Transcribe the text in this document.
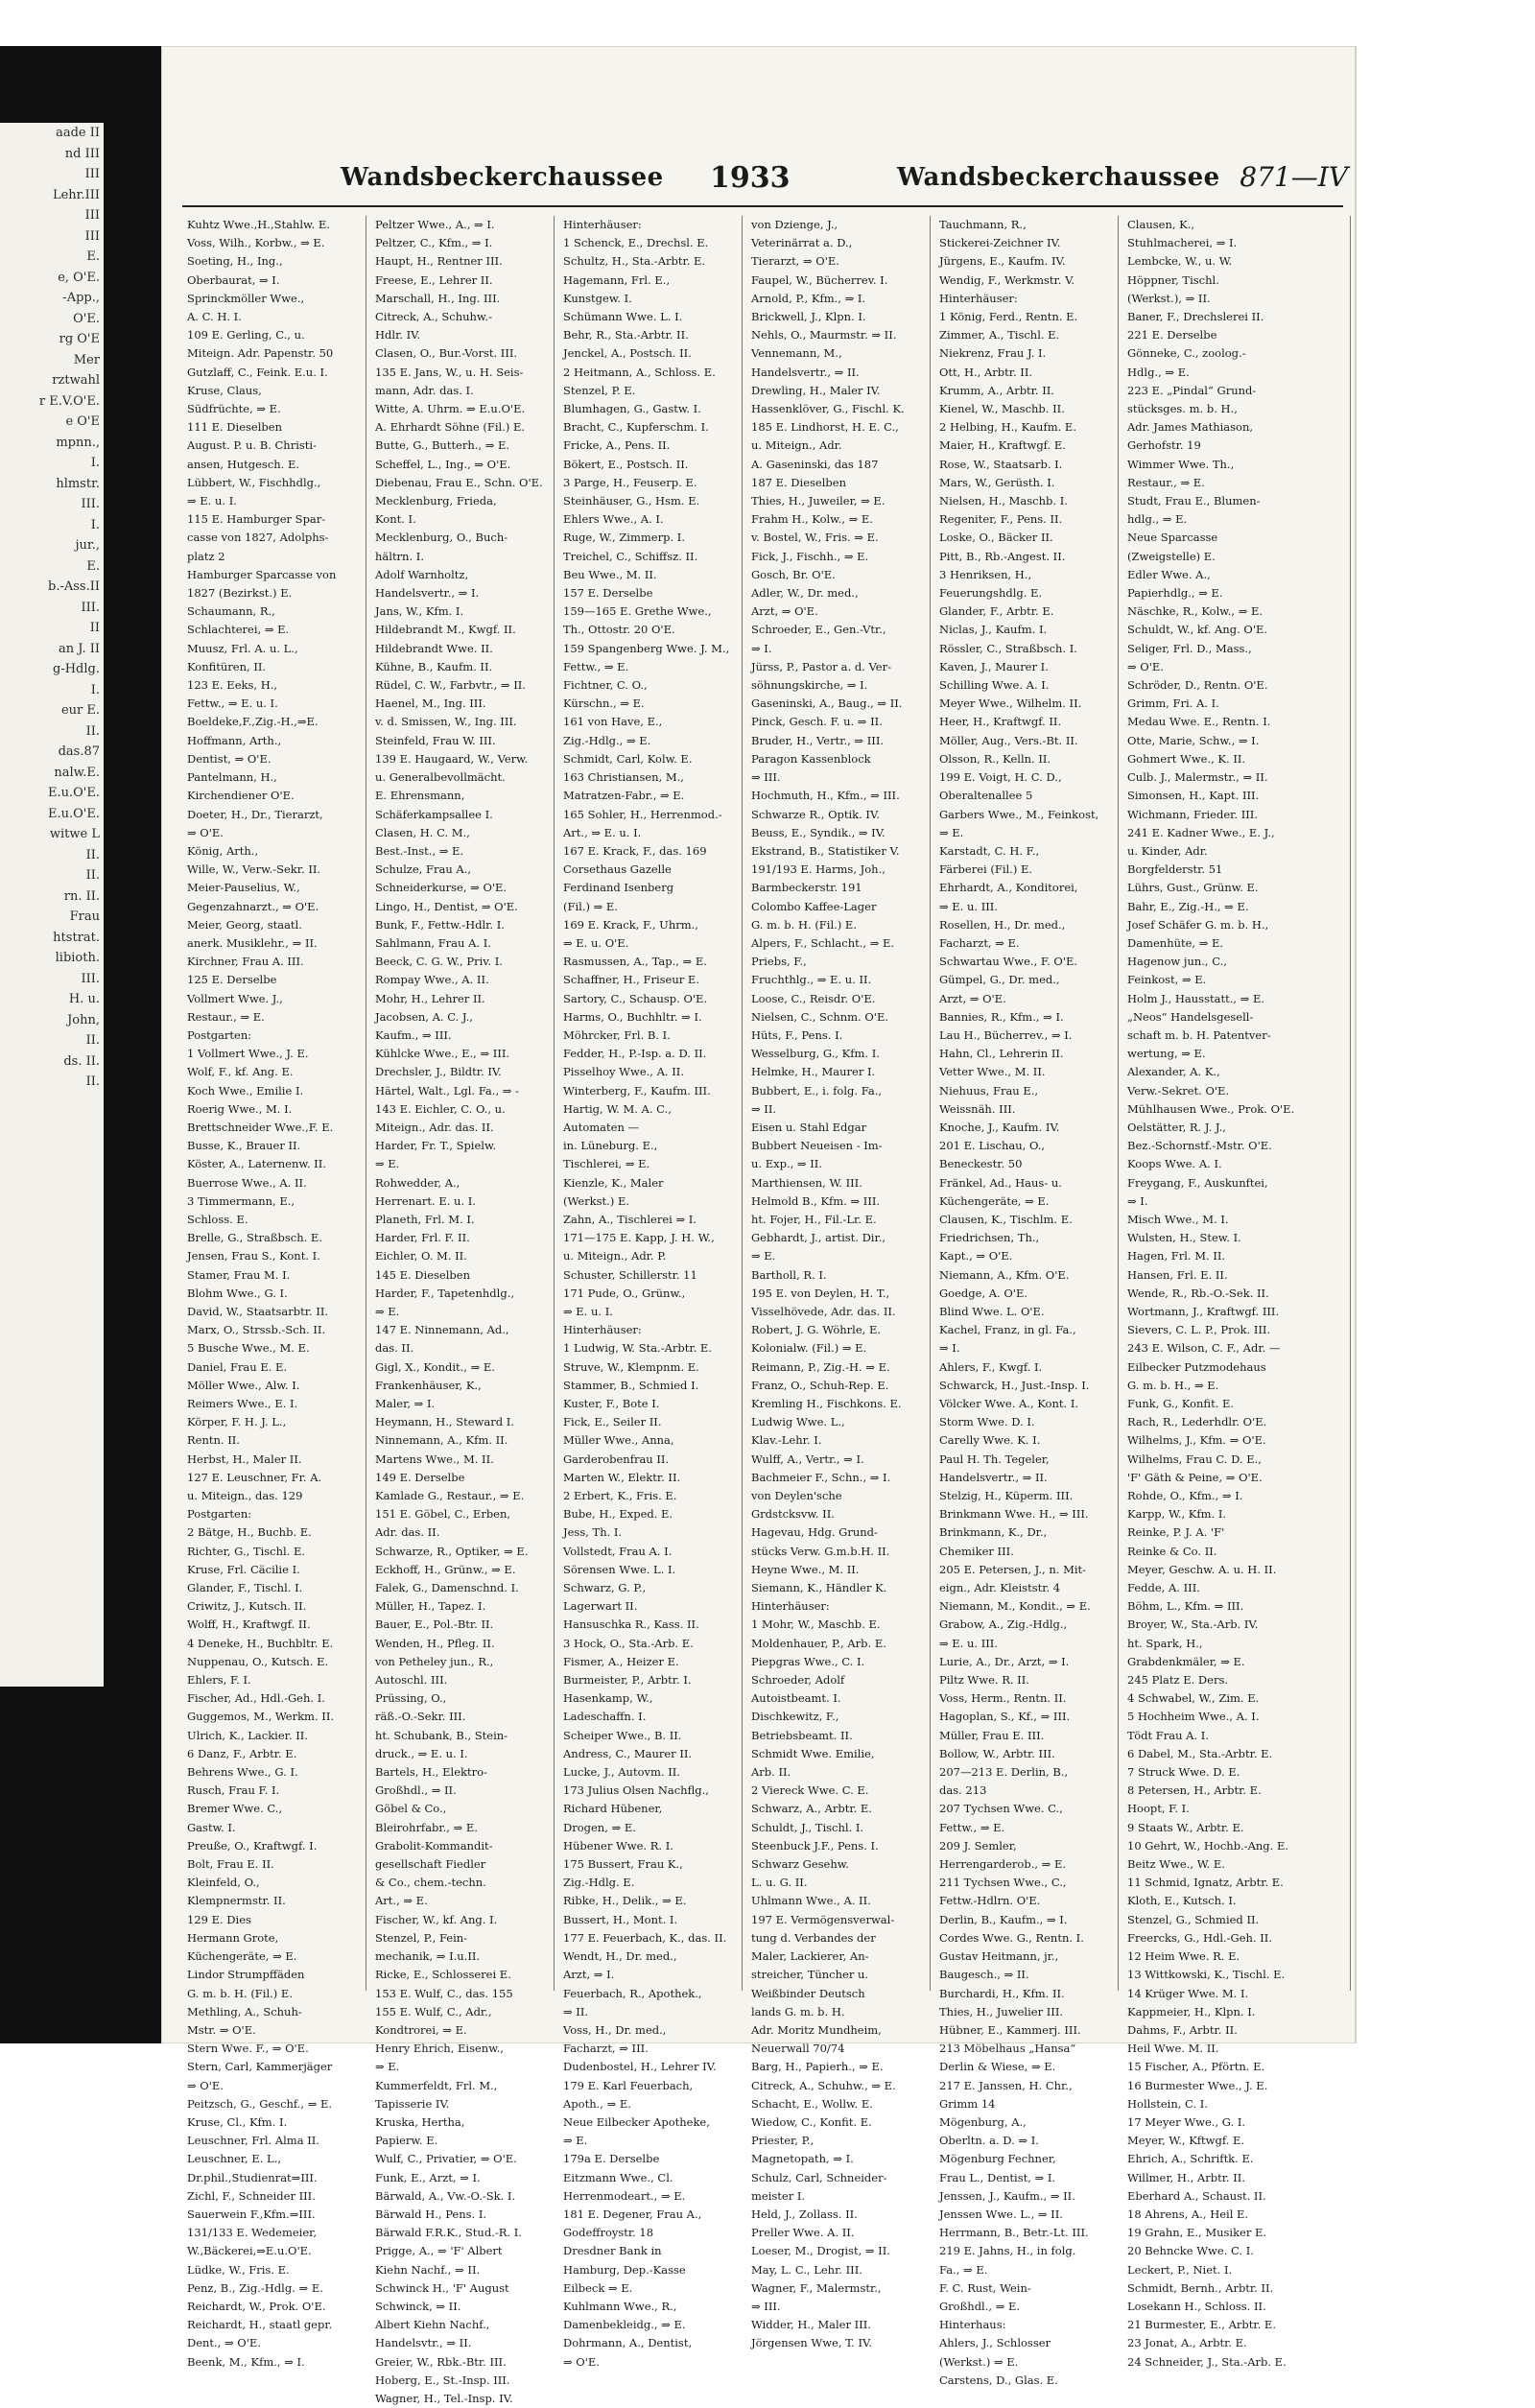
aade II
nd III
III
Lehr.III
III
III
E.
e, O'E.
-App.,
O'E.
rg O'E
Mer
rztwahl
r E.V.O'E.
e O'E
mpnn.,
I.
hlmstr.
III.
I.
jur.,
E.
b.-Ass.II
III.
II
an J. II
g-Hdlg.
I.
eur E.
II.
das.87
nalw.E.
E.u.O'E.
E.u.O'E.
witwe L
II.
II.
rn. II.
Frau
htstrat.
libioth.
III.
H. u.
John,
II.
ds. II.
II.
Wandsbeckerchaussee 1933	Wandsbeckerchaussee 871—IV
Kuhtz Wwe.,H.,Stahlw. E.
Voss, Wilh., Korbw., ⇒ E.
Soeting, H., Ing.,
Oberbaurat, ⇒ I.
Sprinckmöller Wwe.,
A. C. H. I.
109 E. Gerling, C., u.
Miteign. Adr. Papenstr. 50
Gutzlaff, C., Feink. E.u. I.
Kruse, Claus,
Südfrüchte, ⇒ E.
111 E. Dieselben
August. P. u. B. Christi-
ansen, Hutgesch. E.
Lübbert, W., Fischhdlg.,
⇒ E. u. I.
115 E. Hamburger Spar-
casse von 1827, Adolphs-
platz 2
Hamburger Sparcasse von
1827 (Bezirkst.) E.
Schaumann, R.,
Schlachterei, ⇒ E.
Muusz, Frl. A. u. L.,
Konfitüren, II.
123 E. Eeks, H.,
Fettw., ⇒ E. u. I.
Boeldeke,F.,Zig.-H.,⇒E.
Hoffmann, Arth.,
Dentist, ⇒ O'E.
Pantelmann, H.,
Kirchendiener O'E.
Doeter, H., Dr., Tierarzt,
⇒ O'E.
König, Arth.,
Wille, W., Verw.-Sekr. II.
Meier-Pauselius, W.,
Gegenzahnarzt., ⇒ O'E.
Meier, Georg, staatl.
anerk. Musiklehr., ⇒ II.
Kirchner, Frau A. III.
125 E. Derselbe
Vollmert Wwe. J.,
Restaur., ⇒ E.
Postgarten:
1 Vollmert Wwe., J. E.
Wolf, F., kf. Ang. E.
Koch Wwe., Emilie I.
Roerig Wwe., M. I.
Brettschneider Wwe.,F. E.
Busse, K., Brauer II.
Köster, A., Laternenw. II.
Buerrose Wwe., A. II.
3 Timmermann, E.,
Schloss. E.
Brelle, G., Straßbsch. E.
Jensen, Frau S., Kont. I.
Stamer, Frau M. I.
Blohm Wwe., G. I.
David, W., Staatsarbtr. II.
Marx, O., Strssb.-Sch. II.
5 Busche Wwe., M. E.
Daniel, Frau E. E.
Möller Wwe., Alw. I.
Reimers Wwe., E. I.
Körper, F. H. J. L.,
Rentn. II.
Herbst, H., Maler II.
127 E. Leuschner, Fr. A.
u. Miteign., das. 129
Postgarten:
2 Bätge, H., Buchb. E.
Richter, G., Tischl. E.
Kruse, Frl. Cäcilie I.
Glander, F., Tischl. I.
Criwitz, J., Kutsch. II.
Wolff, H., Kraftwgf. II.
4 Deneke, H., Buchbltr. E.
Nuppenau, O., Kutsch. E.
Ehlers, F. I.
Fischer, Ad., Hdl.-Geh. I.
Guggemos, M., Werkm. II.
Ulrich, K., Lackier. II.
6 Danz, F., Arbtr. E.
Behrens Wwe., G. I.
Rusch, Frau F. I.
Bremer Wwe. C.,
Gastw. I.
Preuße, O., Kraftwgf. I.
Bolt, Frau E. II.
Kleinfeld, O.,
Klempnermstr. II.
129 E. Dies
Hermann Grote,
Küchengeräte, ⇒ E.
Lindor Strumpffäden
G. m. b. H. (Fil.) E.
Methling, A., Schuh-
Mstr. ⇒ O'E.
Stern Wwe. F., ⇒ O'E.
Stern, Carl, Kammerjäger
⇒ O'E.
Peitzsch, G., Geschf., ⇒ E.
Kruse, Cl., Kfm. I.
Leuschner, Frl. Alma II.
Leuschner, E. L.,
Dr.phil.,Studienrat⇒III.
Zichl, F., Schneider III.
Sauerwein F.,Kfm.⇒III.
131/133 E. Wedemeier,
W.,Bäckerei,⇒E.u.O'E.
Lüdke, W., Fris. E.
Penz, B., Zig.-Hdlg. ⇒ E.
Reichardt, W., Prok. O'E.
Reichardt, H., staatl gepr.
Dent., ⇒ O'E.
Beenk, M., Kfm., ⇒ I.
Peltzer Wwe., A., ⇒ I.
Peltzer, C., Kfm., ⇒ I.
Haupt, H., Rentner III.
Freese, E., Lehrer II.
Marschall, H., Ing. III.
Citreck, A., Schuhw.-
Hdlr. IV.
Clasen, O., Bur.-Vorst. III.
135 E. Jans, W., u. H. Seis-
mann, Adr. das. I.
Witte, A. Uhrm. ⇒ E.u.O'E.
A. Ehrhardt Söhne (Fil.) E.
Butte, G., Butterh., ⇒ E.
Scheffel, L., Ing., ⇒ O'E.
Diebenau, Frau E., Schn. O'E.
Mecklenburg, Frieda,
Kont. I.
Mecklenburg, O., Buch-
hältrn. I.
Adolf Warnholtz,
Handelsvertr., ⇒ I.
Jans, W., Kfm. I.
Hildebrandt M., Kwgf. II.
Hildebrandt Wwe. II.
Kühne, B., Kaufm. II.
Rüdel, C. W., Farbvtr., ⇒ II.
Haenel, M., Ing. III.
v. d. Smissen, W., Ing. III.
Steinfeld, Frau W. III.
139 E. Haugaard, W., Verw.
u. Generalbevollmächt.
E. Ehrensmann,
Schäferkampsallee I.
Clasen, H. C. M.,
Best.-Inst., ⇒ E.
Schulze, Frau A.,
Schneiderkurse, ⇒ O'E.
Lingo, H., Dentist, ⇒ O'E.
Bunk, F., Fettw.-Hdlr. I.
Sahlmann, Frau A. I.
Beeck, C. G. W., Priv. I.
Rompay Wwe., A. II.
Mohr, H., Lehrer II.
Jacobsen, A. C. J.,
Kaufm., ⇒ III.
Kühlcke Wwe., E., ⇒ III.
Drechsler, J., Bildtr. IV.
Härtel, Walt., Lgl. Fa., ⇒ -
143 E. Eichler, C. O., u.
Miteign., Adr. das. II.
Harder, Fr. T., Spielw.
⇒ E.
Rohwedder, A.,
Herrenart. E. u. I.
Planeth, Frl. M. I.
Harder, Frl. F. II.
Eichler, O. M. II.
145 E. Dieselben
Harder, F., Tapetenhdlg.,
⇒ E.
147 E. Ninnemann, Ad.,
das. II.
Gigl, X., Kondit., ⇒ E.
Frankenhäuser, K.,
Maler, ⇒ I.
Heymann, H., Steward I.
Ninnemann, A., Kfm. II.
Martens Wwe., M. II.
149 E. Derselbe
Kamlade G., Restaur., ⇒ E.
151 E. Göbel, C., Erben,
Adr. das. II.
Schwarze, R., Optiker, ⇒ E.
Eckhoff, H., Grünw., ⇒ E.
Falek, G., Damenschnd. I.
Müller, H., Tapez. I.
Bauer, E., Pol.-Btr. II.
Wenden, H., Pfleg. II.
von Petheley jun., R.,
Autoschl. III.
Prüssing, O.,
räß.-O.-Sekr. III.
ht. Schubank, B., Stein-
druck., ⇒ E. u. I.
Bartels, H., Elektro-
Großhdl., ⇒ II.
Göbel & Co.,
Bleirohrfabr., ⇒ E.
Grabolit-Kommandit-
gesellschaft Fiedler
& Co., chem.-techn.
Art., ⇒ E.
Fischer, W., kf. Ang. I.
Stenzel, P., Fein-
mechanik, ⇒ I.u.II.
Ricke, E., Schlosserei E.
153 E. Wulf, C., das. 155
155 E. Wulf, C., Adr.,
Kondtrorei, ⇒ E.
Henry Ehrich, Eisenw.,
⇒ E.
Kummerfeldt, Frl. M.,
Tapisserie IV.
Kruska, Hertha,
Papierw. E.
Wulf, C., Privatier, ⇒ O'E.
Funk, E., Arzt, ⇒ I.
Bärwald, A., Vw.-O.-Sk. I.
Bärwald H., Pens. I.
Bärwald F.R.K., Stud.-R. I.
Prigge, A., ⇒ 'F' Albert
Kiehn Nachf., ⇒ II.
Schwinck H., 'F' August
Schwinck, ⇒ II.
Albert Kiehn Nachf.,
Handelsvtr., ⇒ II.
Greier, W., Rbk.-Btr. III.
Hoberg, E., St.-Insp. III.
Wagner, H., Tel.-Insp. IV.
Hinterhäuser:
1 Schenck, E., Drechsl. E.
Schultz, H., Sta.-Arbtr. E.
Hagemann, Frl. E.,
Kunstgew. I.
Schümann Wwe. L. I.
Behr, R., Sta.-Arbtr. II.
Jenckel, A., Postsch. II.
2 Heitmann, A., Schloss. E.
Stenzel, P. E.
Blumhagen, G., Gastw. I.
Bracht, C., Kupferschm. I.
Fricke, A., Pens. II.
Bökert, E., Postsch. II.
3 Parge, H., Feuserp. E.
Steinhäuser, G., Hsm. E.
Ehlers Wwe., A. I.
Ruge, W., Zimmerp. I.
Treichel, C., Schiffsz. II.
Beu Wwe., M. II.
157 E. Derselbe
159—165 E. Grethe Wwe.,
Th., Ottostr. 20 O'E.
159 Spangenberg Wwe. J. M.,
Fettw., ⇒ E.
Fichtner, C. O.,
Kürschn., ⇒ E.
161 von Have, E.,
Zig.-Hdlg., ⇒ E.
Schmidt, Carl, Kolw. E.
163 Christiansen, M.,
Matratzen-Fabr., ⇒ E.
165 Sohler, H., Herrenmod.-
Art., ⇒ E. u. I.
167 E. Krack, F., das. 169
Corsethaus Gazelle
Ferdinand Isenberg
(Fil.) ⇒ E.
169 E. Krack, F., Uhrm.,
⇒ E. u. O'E.
Rasmussen, A., Tap., ⇒ E.
Schaffner, H., Friseur E.
Sartory, C., Schausp. O'E.
Harms, O., Buchhltr. ⇒ I.
Möhrcker, Frl. B. I.
Fedder, H., P.-Isp. a. D. II.
Pisselhoy Wwe., A. II.
Winterberg, F., Kaufm. III.
Hartig, W. M. A. C.,
Automaten —
in. Lüneburg. E.,
Tischlerei, ⇒ E.
Kienzle, K., Maler
(Werkst.) E.
Zahn, A., Tischlerei ⇒ I.
171—175 E. Kapp, J. H. W.,
u. Miteign., Adr. P.
Schuster, Schillerstr. 11
171 Pude, O., Grünw.,
⇒ E. u. I.
Hinterhäuser:
1 Ludwig, W. Sta.-Arbtr. E.
Struve, W., Klempnm. E.
Stammer, B., Schmied I.
Kuster, F., Bote I.
Fick, E., Seiler II.
Müller Wwe., Anna,
Garderobenfrau II.
Marten W., Elektr. II.
2 Erbert, K., Fris. E.
Bube, H., Exped. E.
Jess, Th. I.
Vollstedt, Frau A. I.
Sörensen Wwe. L. I.
Schwarz, G. P.,
Lagerwart II.
Hansuschka R., Kass. II.
3 Hock, O., Sta.-Arb. E.
Fismer, A., Heizer E.
Burmeister, P., Arbtr. I.
Hasenkamp, W.,
Ladeschaffn. I.
Scheiper Wwe., B. II.
Andress, C., Maurer II.
Lucke, J., Autovm. II.
173 Julius Olsen Nachflg.,
Richard Hübener,
Drogen, ⇒ E.
Hübener Wwe. R. I.
175 Bussert, Frau K.,
Zig.-Hdlg. E.
Ribke, H., Delik., ⇒ E.
Bussert, H., Mont. I.
177 E. Feuerbach, K., das. II.
Wendt, H., Dr. med.,
Arzt, ⇒ I.
Feuerbach, R., Apothek.,
⇒ II.
Voss, H., Dr. med.,
Facharzt, ⇒ III.
Dudenbostel, H., Lehrer IV.
179 E. Karl Feuerbach,
Apoth., ⇒ E.
Neue Eilbecker Apotheke,
⇒ E.
179a E. Derselbe
Eitzmann Wwe., Cl.
Herrenmodeart., ⇒ E.
181 E. Degener, Frau A.,
Godeffroystr. 18
Dresdner Bank in
Hamburg, Dep.-Kasse
Eilbeck ⇒ E.
Kuhlmann Wwe., R.,
Damenbekleidg., ⇒ E.
Dohrmann, A., Dentist,
⇒ O'E.
von Dzienge, J.,
Veterinärrat a. D.,
Tierarzt, ⇒ O'E.
Faupel, W., Bücherrev. I.
Arnold, P., Kfm., ⇒ I.
Brickwell, J., Klpn. I.
Nehls, O., Maurmstr. ⇒ II.
Vennemann, M.,
Handelsvertr., ⇒ II.
Drewling, H., Maler IV.
Hassenklöver, G., Fischl. K.
185 E. Lindhorst, H. E. C.,
u. Miteign., Adr.
A. Gaseninski, das 187
187 E. Dieselben
Thies, H., Juweiler, ⇒ E.
Frahm H., Kolw., ⇒ E.
v. Bostel, W., Fris. ⇒ E.
Fick, J., Fischh., ⇒ E.
Gosch, Br. O'E.
Adler, W., Dr. med.,
Arzt, ⇒ O'E.
Schroeder, E., Gen.-Vtr.,
⇒ I.
Jürss, P., Pastor a. d. Ver-
söhnungskirche, ⇒ I.
Gaseninski, A., Baug., ⇒ II.
Pinck, Gesch. F. u. ⇒ II.
Bruder, H., Vertr., ⇒ III.
Paragon Kassenblock
⇒ III.
Hochmuth, H., Kfm., ⇒ III.
Schwarze R., Optik. IV.
Beuss, E., Syndik., ⇒ IV.
Ekstrand, B., Statistiker V.
191/193 E. Harms, Joh.,
Barmbeckerstr. 191
Colombo Kaffee-Lager
G. m. b. H. (Fil.) E.
Alpers, F., Schlacht., ⇒ E.
Priebs, F.,
Fruchthlg., ⇒ E. u. II.
Loose, C., Reisdr. O'E.
Nielsen, C., Schnm. O'E.
Hüts, F., Pens. I.
Wesselburg, G., Kfm. I.
Helmke, H., Maurer I.
Bubbert, E., i. folg. Fa.,
⇒ II.
Eisen u. Stahl Edgar
Bubbert Neueisen - Im-
u. Exp., ⇒ II.
Marthiensen, W. III.
Helmold B., Kfm. ⇒ III.
ht. Fojer, H., Fil.-Lr. E.
Gebhardt, J., artist. Dir.,
⇒ E.
Bartholl, R. I.
195 E. von Deylen, H. T.,
Visselhövede, Adr. das. II.
Robert, J. G. Wöhrle, E.
Kolonialw. (Fil.) ⇒ E.
Reimann, P., Zig.-H. ⇒ E.
Franz, O., Schuh-Rep. E.
Kremling H., Fischkons. E.
Ludwig Wwe. L.,
Klav.-Lehr. I.
Wulff, A., Vertr., ⇒ I.
Bachmeier F., Schn., ⇒ I.
von Deylen'sche
Grdstcksvw. II.
Hagevau, Hdg. Grund-
stücks Verw. G.m.b.H. II.
Heyne Wwe., M. II.
Siemann, K., Händler K.
Hinterhäuser:
1 Mohr, W., Maschb. E.
Moldenhauer, P., Arb. E.
Piepgras Wwe., C. I.
Schroeder, Adolf
Autoistbeamt. I.
Dischkewitz, F.,
Betriebsbeamt. II.
Schmidt Wwe. Emilie,
Arb. II.
2 Viereck Wwe. C. E.
Schwarz, A., Arbtr. E.
Schuldt, J., Tischl. I.
Steenbuck J.F., Pens. I.
Schwarz Gesehw.
L. u. G. II.
Uhlmann Wwe., A. II.
197 E. Vermögensverwal-
tung d. Verbandes der
Maler, Lackierer, An-
streicher, Tüncher u.
Weißbinder Deutsch
lands G. m. b. H.
Adr. Moritz Mundheim,
Neuerwall 70/74
Barg, H., Papierh., ⇒ E.
Citreck, A., Schuhw., ⇒ E.
Schacht, E., Wollw. E.
Wiedow, C., Konfit. E.
Priester, P.,
Magnetopath, ⇒ I.
Schulz, Carl, Schneider-
meister I.
Held, J., Zollass. II.
Preller Wwe. A. II.
Loeser, M., Drogist, ⇒ II.
May, L. C., Lehr. III.
Wagner, F., Malermstr.,
⇒ III.
Widder, H., Maler III.
Jörgensen Wwe, T. IV.
Tauchmann, R.,
Stickerei-Zeichner IV.
Jürgens, E., Kaufm. IV.
Wendig, F., Werkmstr. V.
Hinterhäuser:
1 König, Ferd., Rentn. E.
Zimmer, A., Tischl. E.
Niekrenz, Frau J. I.
Ott, H., Arbtr. II.
Krumm, A., Arbtr. II.
Kienel, W., Maschb. II.
2 Helbing, H., Kaufm. E.
Maier, H., Kraftwgf. E.
Rose, W., Staatsarb. I.
Mars, W., Gerüsth. I.
Nielsen, H., Maschb. I.
Regeniter, F., Pens. II.
Loske, O., Bäcker II.
Pitt, B., Rb.-Angest. II.
3 Henriksen, H.,
Feuerungshdlg. E.
Glander, F., Arbtr. E.
Niclas, J., Kaufm. I.
Rössler, C., Straßbsch. I.
Kaven, J., Maurer I.
Schilling Wwe. A. I.
Meyer Wwe., Wilhelm. II.
Heer, H., Kraftwgf. II.
Möller, Aug., Vers.-Bt. II.
Olsson, R., Kelln. II.
199 E. Voigt, H. C. D.,
Oberaltenallee 5
Garbers Wwe., M., Feinkost,
⇒ E.
Karstadt, C. H. F.,
Färberei (Fil.) E.
Ehrhardt, A., Konditorei,
⇒ E. u. III.
Rosellen, H., Dr. med.,
Facharzt, ⇒ E.
Schwartau Wwe., F. O'E.
Gümpel, G., Dr. med.,
Arzt, ⇒ O'E.
Bannies, R., Kfm., ⇒ I.
Lau H., Bücherrev., ⇒ I.
Hahn, Cl., Lehrerin II.
Vetter Wwe., M. II.
Niehuus, Frau E.,
Weissnäh. III.
Knoche, J., Kaufm. IV.
201 E. Lischau, O.,
Beneckestr. 50
Fränkel, Ad., Haus- u.
Küchengeräte, ⇒ E.
Clausen, K., Tischlm. E.
Friedrichsen, Th.,
Kapt., ⇒ O'E.
Niemann, A., Kfm. O'E.
Goedge, A. O'E.
Blind Wwe. L. O'E.
Kachel, Franz, in gl. Fa.,
⇒ I.
Ahlers, F., Kwgf. I.
Schwarck, H., Just.-Insp. I.
Völcker Wwe. A., Kont. I.
Storm Wwe. D. I.
Carelly Wwe. K. I.
Paul H. Th. Tegeler,
Handelsvertr., ⇒ II.
Stelzig, H., Küperm. III.
Brinkmann Wwe. H., ⇒ III.
Brinkmann, K., Dr.,
Chemiker III.
205 E. Petersen, J., n. Mit-
eign., Adr. Kleiststr. 4
Niemann, M., Kondit., ⇒ E.
Grabow, A., Zig.-Hdlg.,
⇒ E. u. III.
Lurie, A., Dr., Arzt, ⇒ I.
Piltz Wwe. R. II.
Voss, Herm., Rentn. II.
Hagoplan, S., Kf., ⇒ III.
Müller, Frau E. III.
Bollow, W., Arbtr. III.
207—213 E. Derlin, B.,
das. 213
207 Tychsen Wwe. C.,
Fettw., ⇒ E.
209 J. Semler,
Herrengarderob., ⇒ E.
211 Tychsen Wwe., C.,
Fettw.-Hdlrn. O'E.
Derlin, B., Kaufm., ⇒ I.
Cordes Wwe. G., Rentn. I.
Gustav Heitmann, jr.,
Baugesch., ⇒ II.
Burchardi, H., Kfm. II.
Thies, H., Juwelier III.
Hübner, E., Kammerj. III.
213 Möbelhaus „Hansa“
Derlin & Wiese, ⇒ E.
217 E. Janssen, H. Chr.,
Grimm 14
Mögenburg, A.,
Oberltn. a. D. ⇒ I.
Mögenburg Fechner,
Frau L., Dentist, ⇒ I.
Jenssen, J., Kaufm., ⇒ II.
Jenssen Wwe. L., ⇒ II.
Herrmann, B., Betr.-Lt. III.
219 E. Jahns, H., in folg.
Fa., ⇒ E.
F. C. Rust, Wein-
Großhdl., ⇒ E.
Hinterhaus:
Ahlers, J., Schlosser
(Werkst.) ⇒ E.
Carstens, D., Glas. E.
Clausen, K.,
Stuhlmacherei, ⇒ I.
Lembcke, W., u. W.
Höppner, Tischl.
(Werkst.), ⇒ II.
Baner, F., Drechslerei II.
221 E. Derselbe
Gönneke, C., zoolog.-
Hdlg., ⇒ E.
223 E. „Pindal“ Grund-
stücksges. m. b. H.,
Adr. James Mathiason,
Gerhofstr. 19
Wimmer Wwe. Th.,
Restaur., ⇒ E.
Studt, Frau E., Blumen-
hdlg., ⇒ E.
Neue Sparcasse
(Zweigstelle) E.
Edler Wwe. A.,
Papierhdlg., ⇒ E.
Näschke, R., Kolw., ⇒ E.
Schuldt, W., kf. Ang. O'E.
Seliger, Frl. D., Mass.,
⇒ O'E.
Schröder, D., Rentn. O'E.
Grimm, Fri. A. I.
Medau Wwe. E., Rentn. I.
Otte, Marie, Schw., ⇒ I.
Gohmert Wwe., K. II.
Culb. J., Malermstr., ⇒ II.
Simonsen, H., Kapt. III.
Wichmann, Frieder. III.
241 E. Kadner Wwe., E. J.,
u. Kinder, Adr.
Borgfelderstr. 51
Lührs, Gust., Grünw. E.
Bahr, E., Zig.-H., ⇒ E.
Josef Schäfer G. m. b. H.,
Damenhüte, ⇒ E.
Hagenow jun., C.,
Feinkost, ⇒ E.
Holm J., Hausstatt., ⇒ E.
„Neos“ Handelsgesell-
schaft m. b. H. Patentver-
wertung, ⇒ E.
Alexander, A. K.,
Verw.-Sekret. O'E.
Mühlhausen Wwe., Prok. O'E.
Oelstätter, R. J. J.,
Bez.-Schornstf.-Mstr. O'E.
Koops Wwe. A. I.
Freygang, F., Auskunftei,
⇒ I.
Misch Wwe., M. I.
Wulsten, H., Stew. I.
Hagen, Frl. M. II.
Hansen, Frl. E. II.
Wende, R., Rb.-O.-Sek. II.
Wortmann, J., Kraftwgf. III.
Sievers, C. L. P., Prok. III.
243 E. Wilson, C. F., Adr. —
Eilbecker Putzmodehaus
G. m. b. H., ⇒ E.
Funk, G., Konfit. E.
Rach, R., Lederhdlr. O'E.
Wilhelms, J., Kfm. ⇒ O'E.
Wilhelms, Frau C. D. E.,
'F' Gäth & Peine, ⇒ O'E.
Rohde, O., Kfm., ⇒ I.
Karpp, W., Kfm. I.
Reinke, P. J. A. 'F'
Reinke & Co. II.
Meyer, Geschw. A. u. H. II.
Fedde, A. III.
Böhm, L., Kfm. ⇒ III.
Broyer, W., Sta.-Arb. IV.
ht. Spark, H.,
Grabdenkmäler, ⇒ E.
245 Platz E. Ders.
4 Schwabel, W., Zim. E.
5 Hochheim Wwe., A. I.
Tödt Frau A. I.
6 Dabel, M., Sta.-Arbtr. E.
7 Struck Wwe. D. E.
8 Petersen, H., Arbtr. E.
Hoopt, F. I.
9 Staats W., Arbtr. E.
10 Gehrt, W., Hochb.-Ang. E.
Beitz Wwe., W. E.
11 Schmid, Ignatz, Arbtr. E.
Kloth, E., Kutsch. I.
Stenzel, G., Schmied II.
Freercks, G., Hdl.-Geh. II.
12 Heim Wwe. R. E.
13 Wittkowski, K., Tischl. E.
14 Krüger Wwe. M. I.
Kappmeier, H., Klpn. I.
Dahms, F., Arbtr. II.
Heil Wwe. M. II.
15 Fischer, A., Pförtn. E.
16 Burmester Wwe., J. E.
Hollstein, C. I.
17 Meyer Wwe., G. I.
Meyer, W., Kftwgf. E.
Ehrich, A., Schriftk. E.
Willmer, H., Arbtr. II.
Eberhard A., Schaust. II.
18 Ahrens, A., Heil E.
19 Grahn, E., Musiker E.
20 Behncke Wwe. C. I.
Leckert, P., Niet. I.
Schmidt, Bernh., Arbtr. II.
Losekann H., Schloss. II.
21 Burmester, E., Arbtr. E.
23 Jonat, A., Arbtr. E.
24 Schneider, J., Sta.-Arb. E.
